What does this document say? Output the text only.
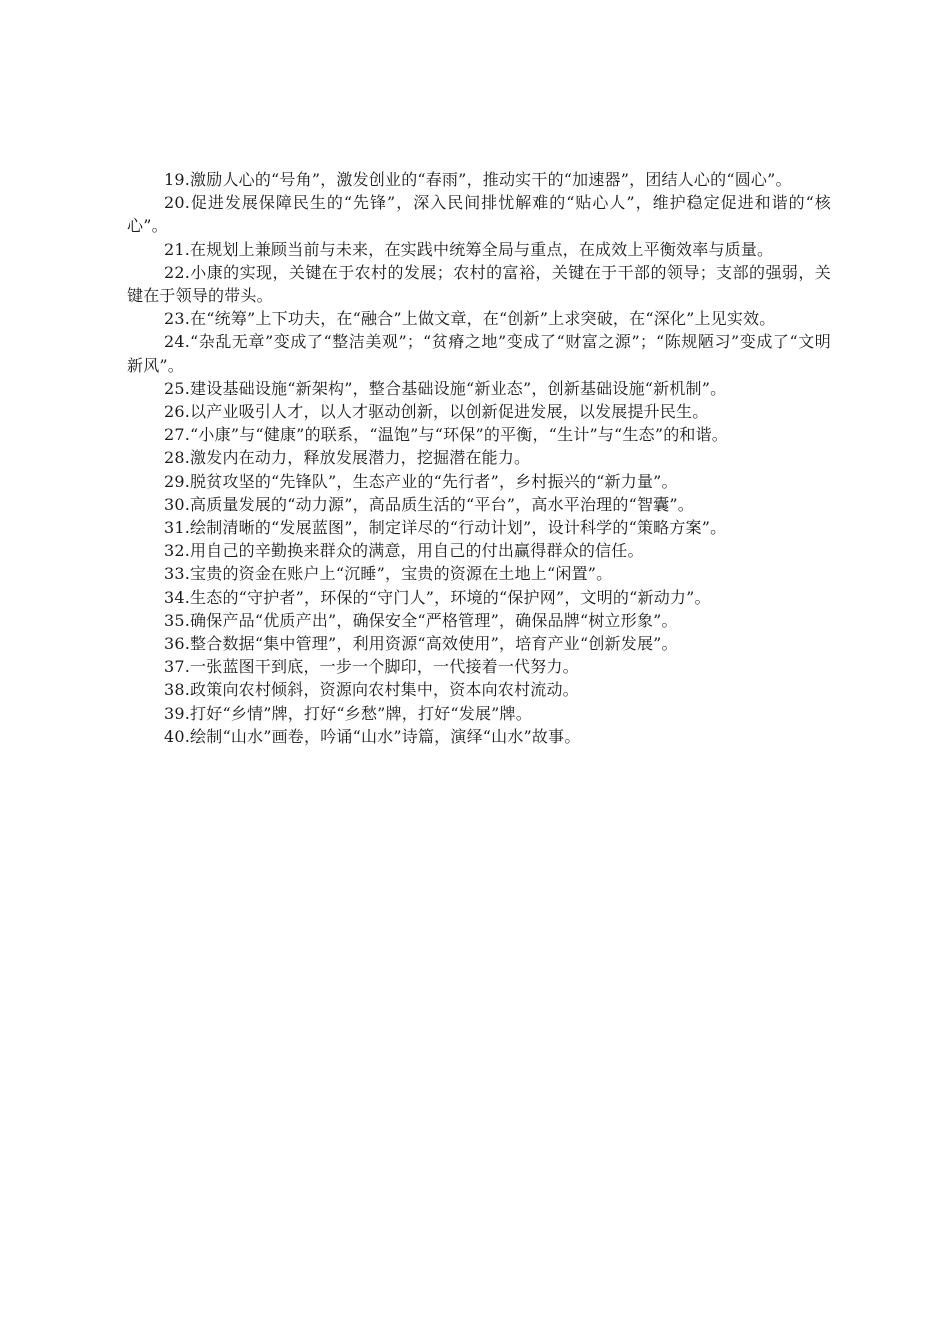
19.激励人心的“号角”，激发创业的“春雨”，推动实干的“加速器”，团结人心的“圆心”。

20.促进发展保障民生的“先锋”，深入民间排忧解难的“贴心人”，维护稳定促进和谐的“核心”。

21.在规划上兼顾当前与未来，在实践中统筹全局与重点，在成效上平衡效率与质量。

22.小康的实现，关键在于农村的发展；农村的富裕，关键在于干部的领导；支部的强弱，关键在于领导的带头。

23.在“统筹”上下功夫，在“融合”上做文章，在“创新”上求突破，在“深化”上见实效。

24.“杂乱无章”变成了“整洁美观”；“贫瘠之地”变成了“财富之源”；“陈规陋习”变成了“文明新风”。

25.建设基础设施“新架构”，整合基础设施“新业态”，创新基础设施“新机制”。

26.以产业吸引人才，以人才驱动创新，以创新促进发展，以发展提升民生。

27.“小康”与“健康”的联系，“温饱”与“环保”的平衡，“生计”与“生态”的和谐。

28.激发内在动力，释放发展潜力，挖掘潜在能力。

29.脱贫攻坚的“先锋队”，生态产业的“先行者”，乡村振兴的“新力量”。

30.高质量发展的“动力源”，高品质生活的“平台”，高水平治理的“智囊”。

31.绘制清晰的“发展蓝图”，制定详尽的“行动计划”，设计科学的“策略方案”。

32.用自己的辛勤换来群众的满意，用自己的付出赢得群众的信任。

33.宝贵的资金在账户上“沉睡”，宝贵的资源在土地上“闲置”。

34.生态的“守护者”，环保的“守门人”，环境的“保护网”，文明的“新动力”。

35.确保产品“优质产出”，确保安全“严格管理”，确保品牌“树立形象”。

36.整合数据“集中管理”，利用资源“高效使用”，培育产业“创新发展”。

37.一张蓝图干到底，一步一个脚印，一代接着一代努力。

38.政策向农村倾斜，资源向农村集中，资本向农村流动。

39.打好“乡情”牌，打好“乡愁”牌，打好“发展”牌。

40.绘制“山水”画卷，吟诵“山水”诗篇，演绎“山水”故事。
